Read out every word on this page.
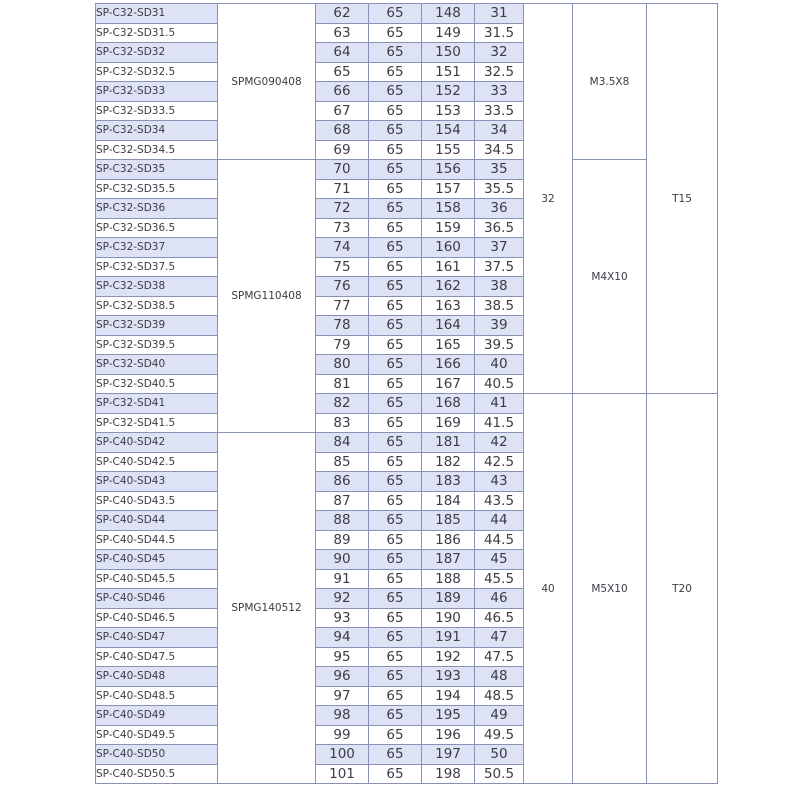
SP-C32-SD31	SPMG090408	62	65	148	31	32	M3.5X8	T15
SP-C32-SD31.5		63	65	149	31.5			
SP-C32-SD32		64	65	150	32			
SP-C32-SD32.5		65	65	151	32.5			
SP-C32-SD33		66	65	152	33			
SP-C32-SD33.5		67	65	153	33.5			
SP-C32-SD34		68	65	154	34			
SP-C32-SD34.5		69	65	155	34.5			
SP-C32-SD35	SPMG110408	70	65	156	35		M4X10	
SP-C32-SD35.5		71	65	157	35.5			
SP-C32-SD36		72	65	158	36			
SP-C32-SD36.5		73	65	159	36.5			
SP-C32-SD37		74	65	160	37			
SP-C32-SD37.5		75	65	161	37.5			
SP-C32-SD38		76	65	162	38			
SP-C32-SD38.5		77	65	163	38.5			
SP-C32-SD39		78	65	164	39			
SP-C32-SD39.5		79	65	165	39.5			
SP-C32-SD40		80	65	166	40			
SP-C32-SD40.5		81	65	167	40.5			
SP-C32-SD41		82	65	168	41	40	M5X10	T20
SP-C32-SD41.5		83	65	169	41.5			
SP-C40-SD42	SPMG140512	84	65	181	42			
SP-C40-SD42.5		85	65	182	42.5			
SP-C40-SD43		86	65	183	43			
SP-C40-SD43.5		87	65	184	43.5			
SP-C40-SD44		88	65	185	44			
SP-C40-SD44.5		89	65	186	44.5			
SP-C40-SD45		90	65	187	45			
SP-C40-SD45.5		91	65	188	45.5			
SP-C40-SD46		92	65	189	46			
SP-C40-SD46.5		93	65	190	46.5			
SP-C40-SD47		94	65	191	47			
SP-C40-SD47.5		95	65	192	47.5			
SP-C40-SD48		96	65	193	48			
SP-C40-SD48.5		97	65	194	48.5			
SP-C40-SD49		98	65	195	49			
SP-C40-SD49.5		99	65	196	49.5			
SP-C40-SD50		100	65	197	50			
SP-C40-SD50.5		101	65	198	50.5			
